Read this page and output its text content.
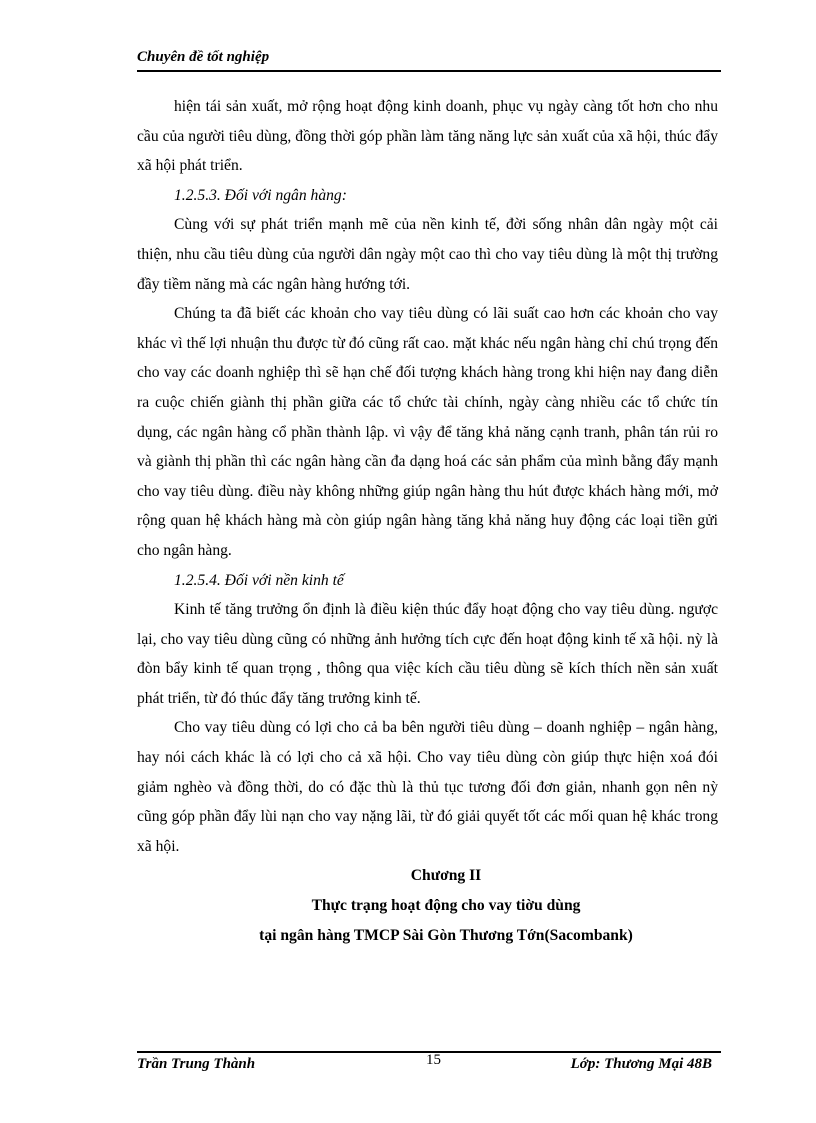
Chuyên đề tốt nghiệp

hiện tái sản xuất, mở rộng hoạt động kinh doanh, phục vụ ngày càng tốt hơn cho nhu cầu của người tiêu dùng, đồng thời góp phần làm tăng năng lực sản xuất của xã hội, thúc đẩy xã hội phát triển.

1.2.5.3. Đối với ngân hàng:

Cùng với sự phát triển mạnh mẽ của nền kinh tế, đời sống nhân dân ngày một cải thiện, nhu cầu tiêu dùng của người dân ngày một cao thì cho vay tiêu dùng là một thị trường đầy tiềm năng mà các ngân hàng hướng tới.

Chúng ta đã biết các khoản cho vay tiêu dùng có lãi suất cao hơn các khoản cho vay khác vì thế lợi nhuận thu được từ đó cũng rất cao. mặt khác nếu ngân hàng chỉ chú trọng đến cho vay các doanh nghiệp thì sẽ hạn chế đối tượng khách hàng trong khi hiện nay đang diễn ra cuộc chiến giành thị phần giữa các tổ chức tài chính, ngày càng nhiều các tổ chức tín dụng, các ngân hàng cổ phần thành lập. vì vậy để tăng khả năng cạnh tranh, phân tán rủi ro và giành thị phần thì các ngân hàng cần đa dạng hoá các sản phẩm của mình bằng đẩy mạnh cho vay tiêu dùng. điều này không những giúp ngân hàng thu hút được khách hàng mới, mở rộng quan hệ khách hàng mà còn giúp ngân hàng tăng khả năng huy động các loại tiền gửi cho ngân hàng.

1.2.5.4. Đối với nền kinh tế

Kinh tế tăng trưởng ổn định là điều kiện thúc đẩy hoạt động cho vay tiêu dùng. ngược lại, cho vay tiêu dùng cũng có những ảnh hưởng tích cực đến hoạt động kinh tế xã hội. nỳ là đòn bẩy kinh tế quan trọng , thông qua việc kích cầu tiêu dùng sẽ kích thích nền sản xuất phát triển, từ đó thúc đẩy tăng trưởng kinh tế.

Cho vay tiêu dùng có lợi cho cả ba bên người tiêu dùng – doanh nghiệp – ngân hàng, hay nói cách khác là có lợi cho cả xã hội. Cho vay tiêu dùng còn giúp thực hiện xoá đói giảm nghèo và đồng thời, do có đặc thù là thủ tục tương đối đơn giản, nhanh gọn nên nỳ cũng góp phần đẩy lùi nạn cho vay nặng lãi, từ đó giải quyết tốt các mối quan hệ khác trong xã hội.

Chương II

Thực trạng hoạt động cho vay tiờu dùng

tại ngân hàng TMCP Sài Gòn Thương Tớn(Sacombank)

Trần Trung Thành	15	Lớp: Thương Mại 48B
